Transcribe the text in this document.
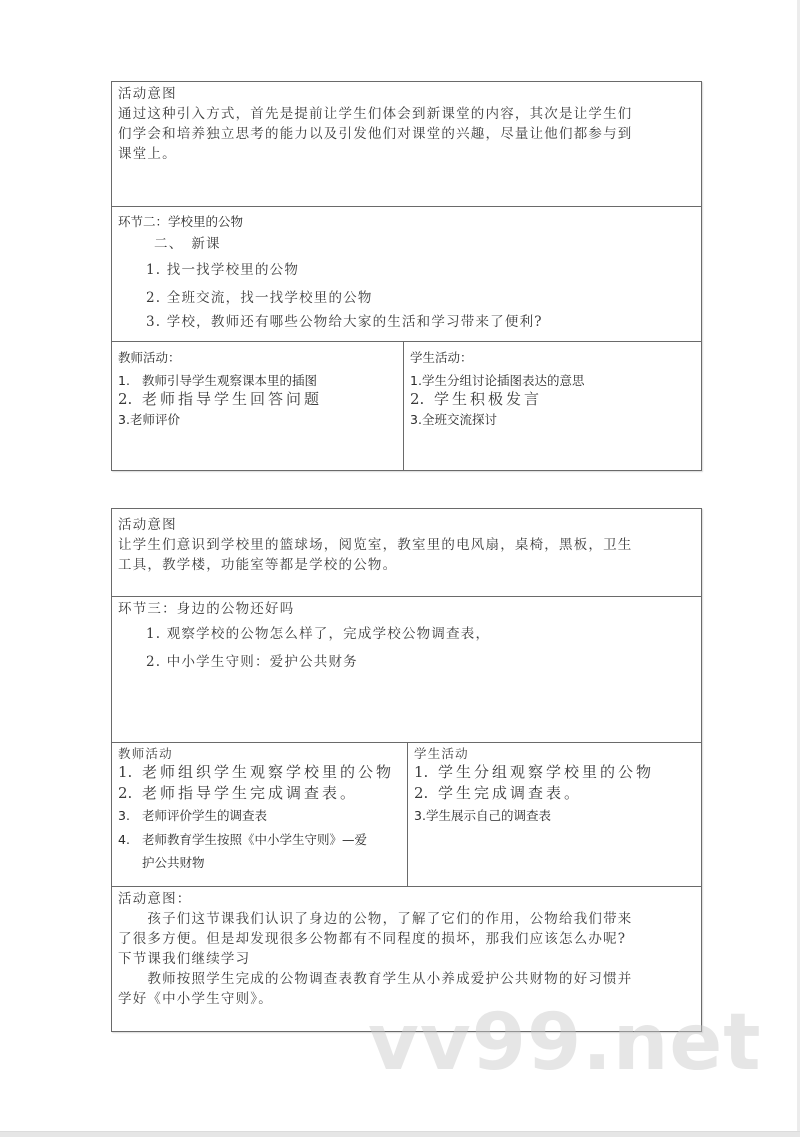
活动意图
通过这种引入方式，首先是提前让学生们体会到新课堂的内容，其次是让学生们
们学会和培养独立思考的能力以及引发他们对课堂的兴趣，尽量让他们都参与到
课堂上。
环节二：学校里的公物
二、　新课
1. 找一找学校里的公物
2. 全班交流，找一找学校里的公物
3. 学校，教师还有哪些公物给大家的生活和学习带来了便利?
教师活动：
1. 教师引导学生观察课本里的插图
2. 老师指导学生回答问题
3.老师评价
学生活动：
1.学生分组讨论插图表达的意思
2. 学生积极发言
3.全班交流探讨
活动意图
让学生们意识到学校里的篮球场，阅览室，教室里的电风扇，桌椅，黑板，卫生
工具，教学楼，功能室等都是学校的公物。
环节三：身边的公物还好吗
1. 观察学校的公物怎么样了，完成学校公物调查表，
2. 中小学生守则：爱护公共财务
教师活动
1. 老师组织学生观察学校里的公物
2. 老师指导学生完成调查表。
3. 老师评价学生的调查表
4. 老师教育学生按照《中小学生守则》—爱
护公共财物
学生活动
1. 学生分组观察学校里的公物
2. 学生完成调查表。
3.学生展示自己的调查表
活动意图：
　　孩子们这节课我们认识了身边的公物，了解了它们的作用，公物给我们带来
了很多方便。但是却发现很多公物都有不同程度的损坏，那我们应该怎么办呢?
下节课我们继续学习
　　教师按照学生完成的公物调查表教育学生从小养成爱护公共财物的好习惯并
学好《中小学生守则》。	vv99.net
